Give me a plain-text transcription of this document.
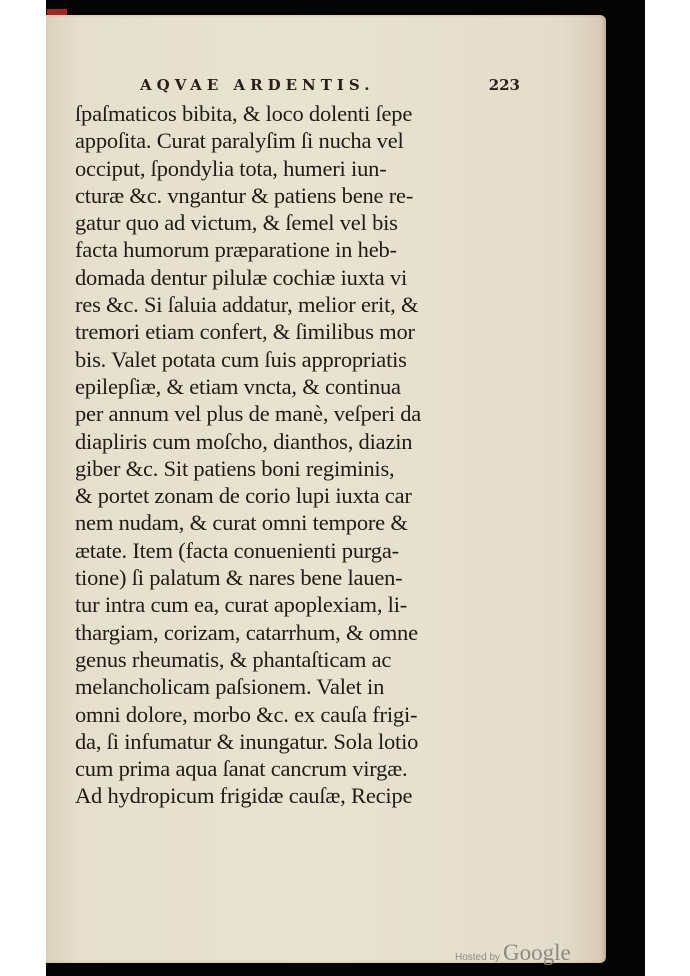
AQVAE ARDENTIS.	223
ſpaſmaticos bibita, & loco dolenti ſepe
appoſita. Curat paralyſim ſi nucha vel
occiput, ſpondylia tota, humeri iun-
cturæ &c. vngantur & patiens bene re-
gatur quo ad victum, & ſemel vel bis
facta humorum præparatione in heb-
domada dentur pilulæ cochiæ iuxta vi
res &c. Si ſaluia addatur, melior erit, &
tremori etiam confert, & ſimilibus mor
bis. Valet potata cum ſuis appropriatis
epilepſiæ, & etiam vncta, & continua
per annum vel plus de manè, veſperi da
diapliris cum moſcho, dianthos, diazin
giber &c. Sit patiens boni regiminis,
& portet zonam de corio lupi iuxta car
nem nudam, & curat omni tempore &
ætate. Item (facta conuenienti purga-
tione) ſi palatum & nares bene lauen-
tur intra cum ea, curat apoplexiam, li-
thargiam, corizam, catarrhum, & omne
genus rheumatis, & phantaſticam ac
melancholicam paſsionem. Valet in
omni dolore, morbo &c. ex cauſa frigi-
da, ſi infumatur & inungatur. Sola lotio
cum prima aqua ſanat cancrum virgæ.
Ad hydropicum frigidæ cauſæ, Recipe
Hosted by Google
